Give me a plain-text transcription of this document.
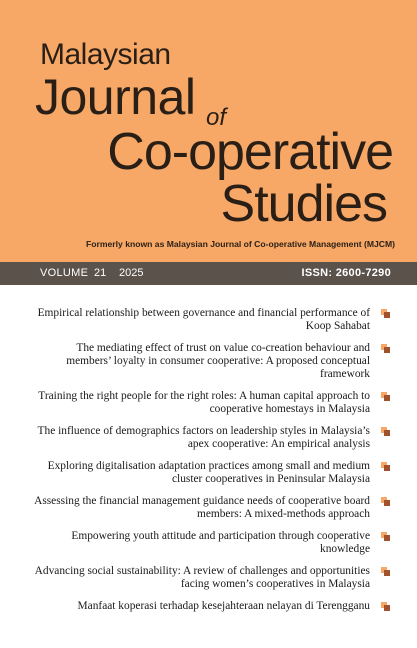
Malaysian
Journal of
Co-operative
Studies
Formerly known as Malaysian Journal of Co-operative Management (MJCM)
VOLUME 21 2025	ISSN: 2600-7290
Empirical relationship between governance and financial performance of Koop Sahabat
The mediating effect of trust on value co-creation behaviour and members’ loyalty in consumer cooperative: A proposed conceptual framework
Training the right people for the right roles: A human capital approach to cooperative homestays in Malaysia
The influence of demographics factors on leadership styles in Malaysia’s apex cooperative: An empirical analysis
Exploring digitalisation adaptation practices among small and medium cluster cooperatives in Peninsular Malaysia
Assessing the financial management guidance needs of cooperative board members: A mixed-methods approach
Empowering youth attitude and participation through cooperative knowledge
Advancing social sustainability: A review of challenges and opportunities facing women’s cooperatives in Malaysia
Manfaat koperasi terhadap kesejahteraan nelayan di Terengganu
